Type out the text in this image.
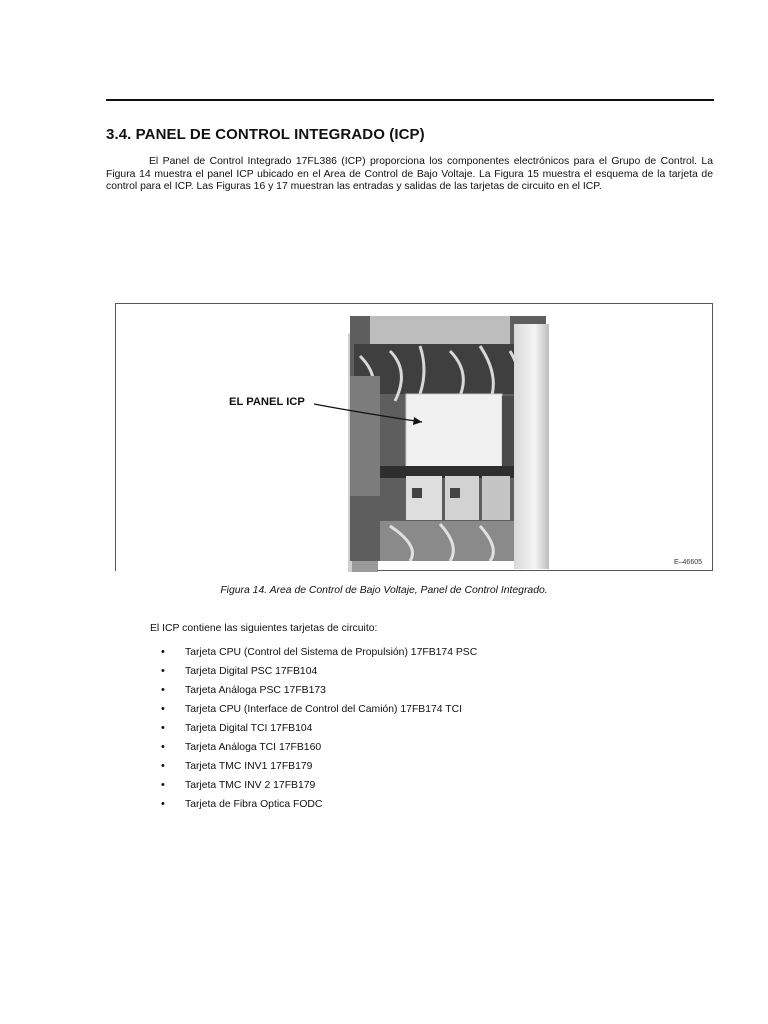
3.4. PANEL DE CONTROL INTEGRADO (ICP)

El Panel de Control Integrado 17FL386 (ICP) proporciona los componentes electrónicos para el Grupo de Control. La Figura 14 muestra el panel ICP ubicado en el Area de Control de Bajo Voltaje. La Figura 15 muestra el esquema de la tarjeta de control para el ICP. Las Figuras 16 y 17 muestran las entradas y salidas de las tarjetas de circuito en el ICP.

EL PANEL ICP
E–46605

Figura 14. Area de Control de Bajo Voltaje, Panel de Control Integrado.

El ICP contiene las siguientes tarjetas de circuito:

• Tarjeta CPU (Control del Sistema de Propulsión) 17FB174 PSC
• Tarjeta Digital PSC 17FB104
• Tarjeta Análoga PSC 17FB173
• Tarjeta CPU (Interface de Control del Camión) 17FB174 TCI
• Tarjeta Digital TCI 17FB104
• Tarjeta Análoga TCI 17FB160
• Tarjeta TMC INV1 17FB179
• Tarjeta TMC INV 2 17FB179
• Tarjeta de Fibra Optica FODC
